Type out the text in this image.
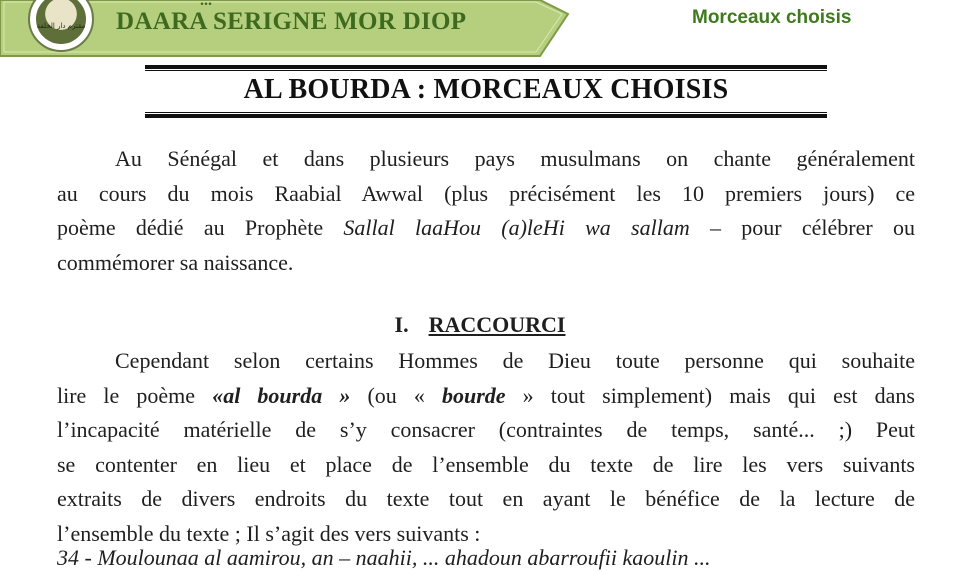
مقترم دار الخلفة
...
DAARA SERIGNE MOR DIOP	Morceaux choisis
AL BOURDA : MORCEAUX CHOISIS
Au Sénégal et dans plusieurs pays musulmans on chante généralement
au cours du mois Raabial Awwal (plus précisément les 10 premiers jours) ce
poème dédié au Prophète Sallal laaHou (a)leHi wa sallam – pour célébrer ou
commémorer sa naissance.
I. RACCOURCI
Cependant selon certains Hommes de Dieu toute personne qui souhaite
lire le poème «al bourda » (ou « bourde » tout simplement) mais qui est dans
l’incapacité matérielle de s’y consacrer (contraintes de temps, santé... ;) Peut
se contenter en lieu et place de l’ensemble du texte de lire les vers suivants
extraits de divers endroits du texte tout en ayant le bénéfice de la lecture de
l’ensemble du texte ; Il s’agit des vers suivants :
34 - Moulounaa al aamirou, an – naahii, ... ahadoun abarroufii kaoulin ...
